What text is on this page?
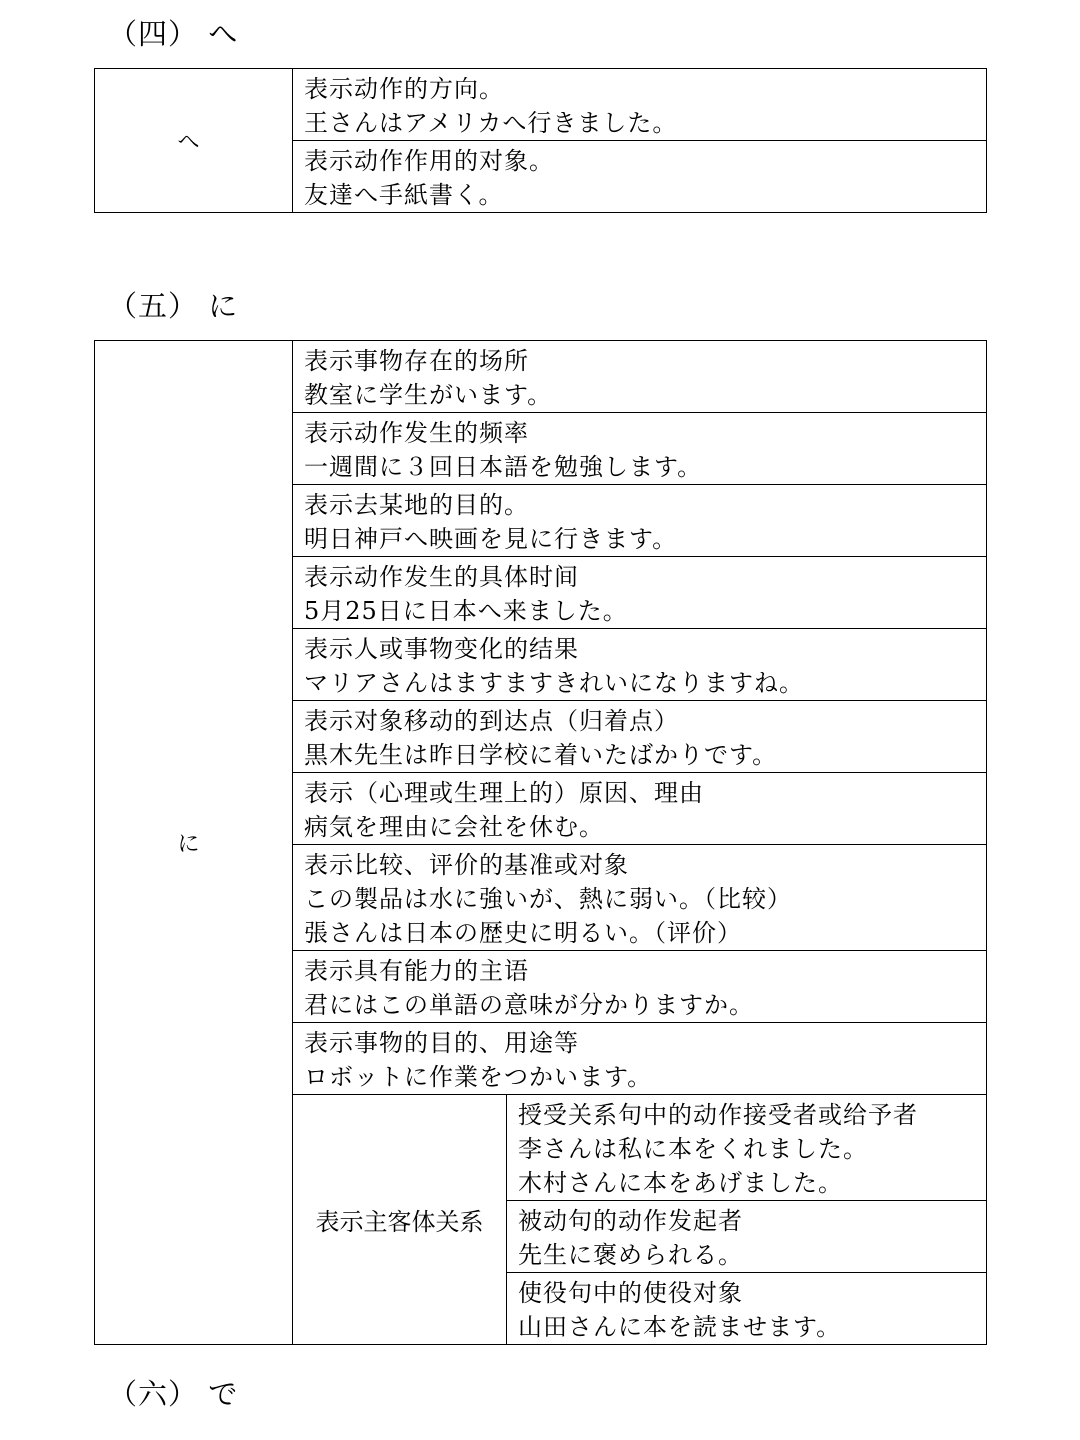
（四） へ
へ	
表示动作的方向。
王さんはアメリカへ行きました。

表示动作作用的对象。
友達へ手紙書く。
（五） に
に	表示事物存在的场所
教室に学生がいます。	

	表示动作发生的频率
一週間に３回日本語を勉強します。	

	表示去某地的目的。
明日神戸へ映画を見に行きます。	

	表示动作发生的具体时间
5月25日に日本へ来ました。	

	表示人或事物变化的结果
マリアさんはますますきれいになりますね。	

	表示对象移动的到达点（归着点）
黒木先生は昨日学校に着いたばかりです。	

	表示（心理或生理上的）原因、理由
病気を理由に会社を休む。	

	表示比较、评价的基准或对象
この製品は水に強いが、熱に弱い。（比较）
張さんは日本の歴史に明るい。（评价）	

	表示具有能力的主语
君にはこの単語の意味が分かりますか。	

	表示事物的目的、用途等
ロボットに作業をつかいます。	

	表示主客体关系	授受关系句中的动作接受者或给予者
李さんは私に本をくれました。
木村さんに本をあげました。

		被动句的动作发起者
先生に褒められる。

		使役句中的使役对象
山田さんに本を読ませます。
（六） で
